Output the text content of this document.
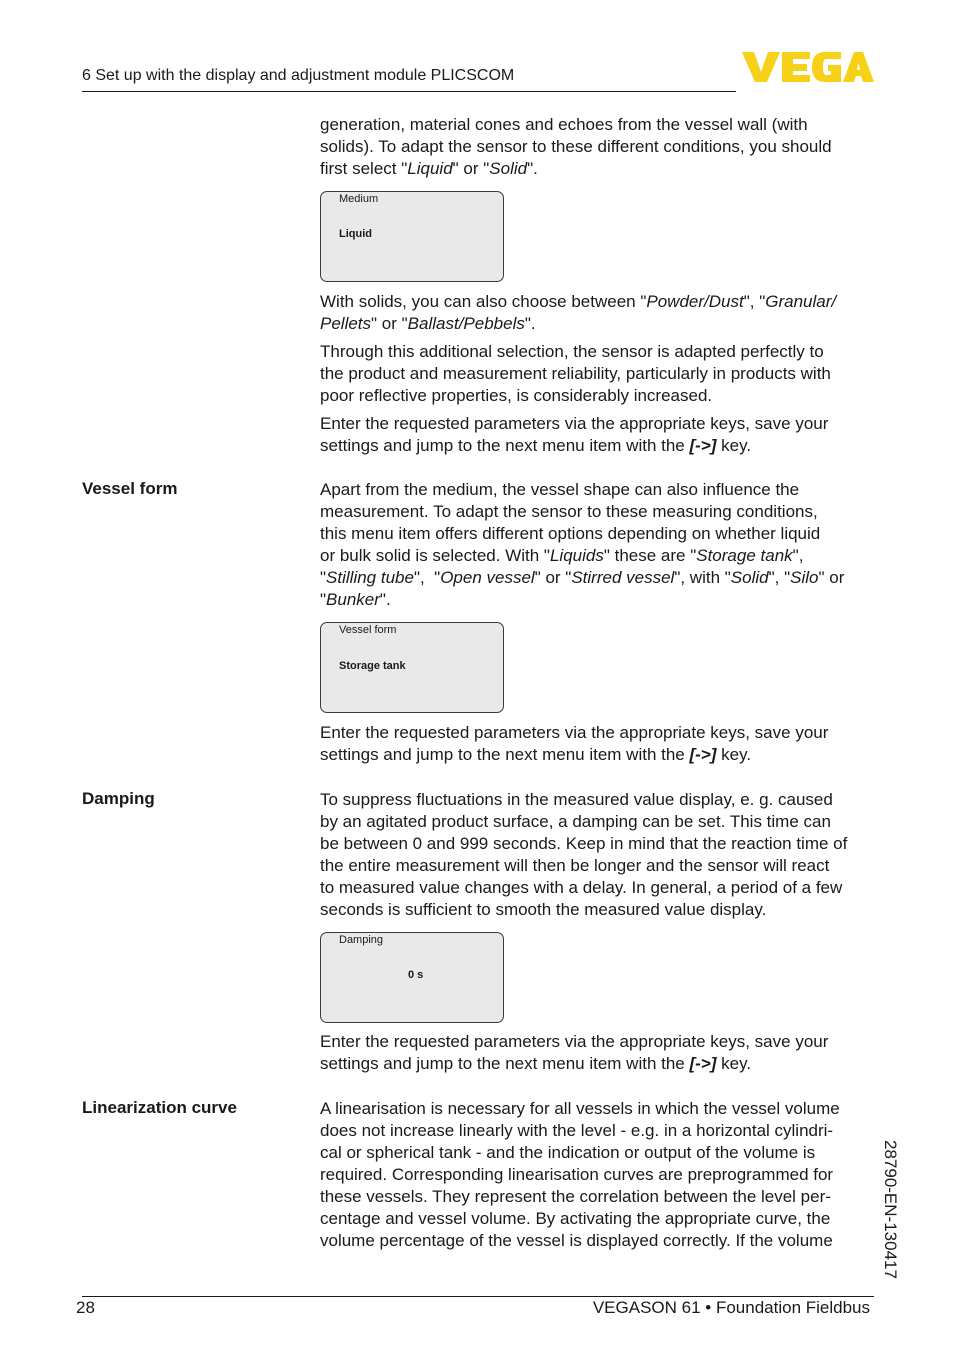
6 Set up with the display and adjustment module PLICSCOM

generation, material cones and echoes from the vessel wall (with
solids). To adapt the sensor to these different conditions, you should
first select "Liquid" or "Solid".

Medium
Liquid

With solids, you can also choose between "Powder/Dust", "Granular/
Pellets" or "Ballast/Pebbels".

Through this additional selection, the sensor is adapted perfectly to
the product and measurement reliability, particularly in products with
poor reflective properties, is considerably increased.

Enter the requested parameters via the appropriate keys, save your
settings and jump to the next menu item with the [->] key.

Vessel form	Apart from the medium, the vessel shape can also influence the
measurement. To adapt the sensor to these measuring conditions,
this menu item offers different options depending on whether liquid
or bulk solid is selected. With "Liquids" these are "Storage tank",
"Stilling tube",  "Open vessel" or "Stirred vessel", with "Solid", "Silo" or
"Bunker".

Vessel form
Storage tank

Enter the requested parameters via the appropriate keys, save your
settings and jump to the next menu item with the [->] key.

Damping	To suppress fluctuations in the measured value display, e. g. caused
by an agitated product surface, a damping can be set. This time can
be between 0 and 999 seconds. Keep in mind that the reaction time of
the entire measurement will then be longer and the sensor will react
to measured value changes with a delay. In general, a period of a few
seconds is sufficient to smooth the measured value display.

Damping
0 s

Enter the requested parameters via the appropriate keys, save your
settings and jump to the next menu item with the [->] key.

Linearization curve	A linearisation is necessary for all vessels in which the vessel volume
does not increase linearly with the level - e.g. in a horizontal cylindri-
cal or spherical tank - and the indication or output of the volume is
required. Corresponding linearisation curves are preprogrammed for
these vessels. They represent the correlation between the level per-
centage and vessel volume. By activating the appropriate curve, the
volume percentage of the vessel is displayed correctly. If the volume	28790-EN-130417
28	VEGASON 61 • Foundation Fieldbus
